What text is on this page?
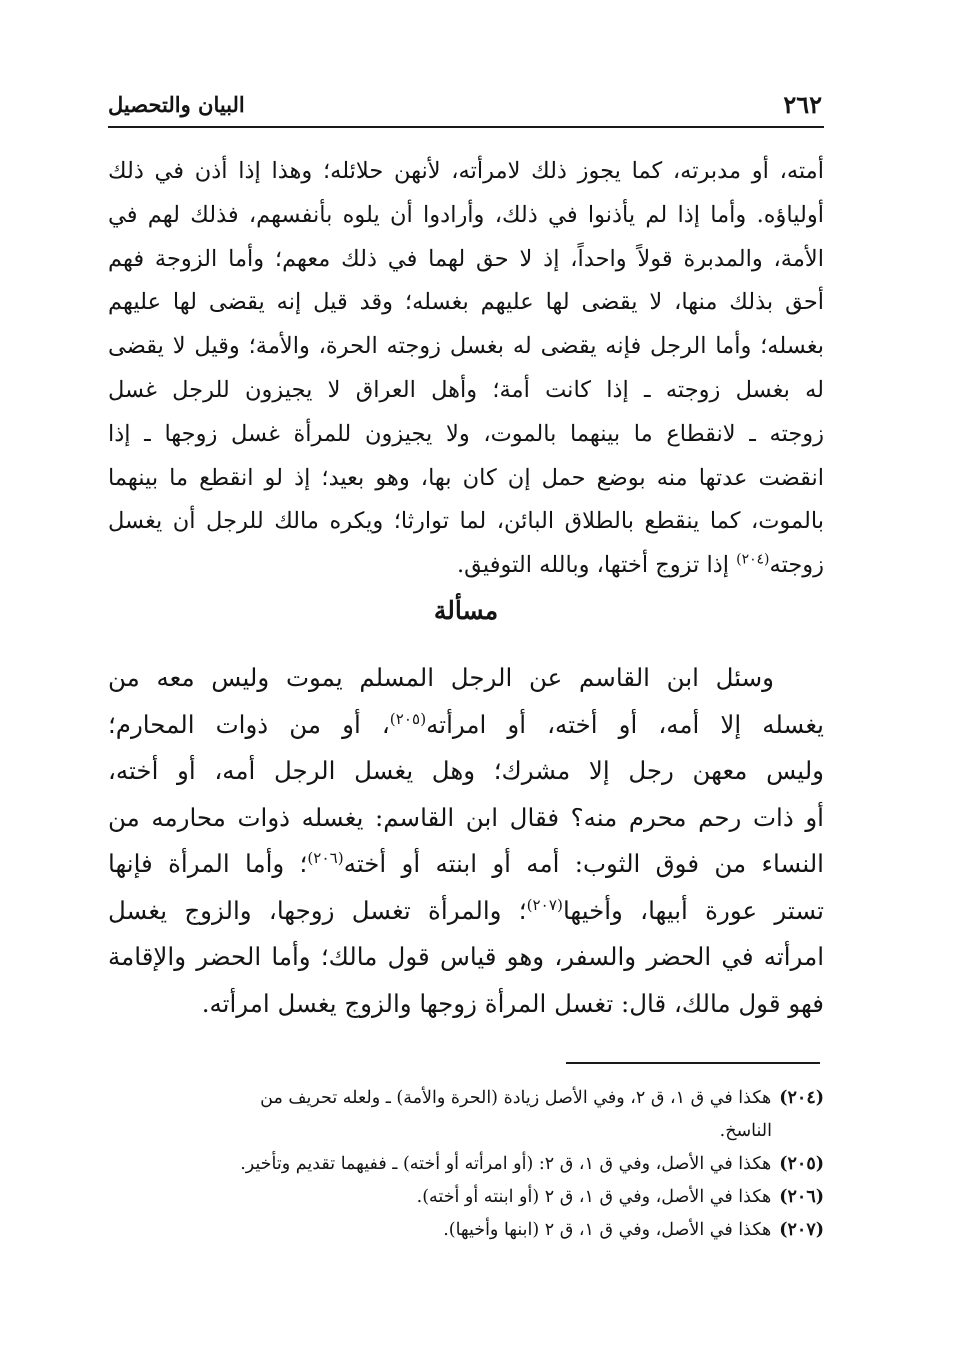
٢٦٢
البيان والتحصيل
أمته، أو مدبرته، كما يجوز ذلك لامرأته، لأنهن حلائله؛ وهذا إذا أذن في ذلك
أولياؤه. وأما إذا لم يأذنوا في ذلك، وأرادوا أن يلوه بأنفسهم، فذلك لهم في
الأمة، والمدبرة قولاً واحداً، إذ لا حق لهما في ذلك معهم؛ وأما الزوجة فهم
أحق بذلك منها، لا يقضى لها عليهم بغسله؛ وقد قيل إنه يقضى لها عليهم
بغسله؛ وأما الرجل فإنه يقضى له بغسل زوجته الحرة، والأمة؛ وقيل لا يقضى
له بغسل زوجته ـ إذا كانت أمة؛ وأهل العراق لا يجيزون للرجل غسل
زوجته ـ لانقطاع ما بينهما بالموت، ولا يجيزون للمرأة غسل زوجها ـ إذا
انقضت عدتها منه بوضع حمل إن كان بها، وهو بعيد؛ إذ لو انقطع ما بينهما
بالموت، كما ينقطع بالطلاق البائن، لما توارثا؛ ويكره مالك للرجل أن يغسل
زوجته$^{(٢٠٤)}$ إذا تزوج أختها، وبالله التوفيق.
مسألة
وسئل ابن القاسم عن الرجل المسلم يموت وليس معه من
يغسله إلا أمه، أو أخته، أو امرأته$^{(٢٠٥)}$، أو من ذوات المحارم؛
وليس معهن رجل إلا مشرك؛ وهل يغسل الرجل أمه، أو أخته،
أو ذات رحم محرم منه؟ فقال ابن القاسم: يغسله ذوات محارمه من
النساء من فوق الثوب: أمه أو ابنته أو أخته$^{(٢٠٦)}$؛ وأما المرأة فإنها
تستر عورة أبيها، وأخيها$^{(٢٠٧)}$؛ والمرأة تغسل زوجها، والزوج يغسل
امرأته في الحضر والسفر، وهو قياس قول مالك؛ وأما الحضر والإقامة
فهو قول مالك، قال: تغسل المرأة زوجها والزوج يغسل امرأته.
(٢٠٤)هكذا في ق ١، ق ٢، وفي الأصل زيادة (الحرة والأمة) ـ ولعله تحريف من
الناسخ.
(٢٠٥)هكذا في الأصل، وفي ق ١، ق ٢: (أو امرأته أو أخته) ـ ففيهما تقديم وتأخير.
(٢٠٦)هكذا في الأصل، وفي ق ١، ق ٢ (أو ابنته أو أخته).
(٢٠٧)هكذا في الأصل، وفي ق ١، ق ٢ (ابنها وأخيها).
